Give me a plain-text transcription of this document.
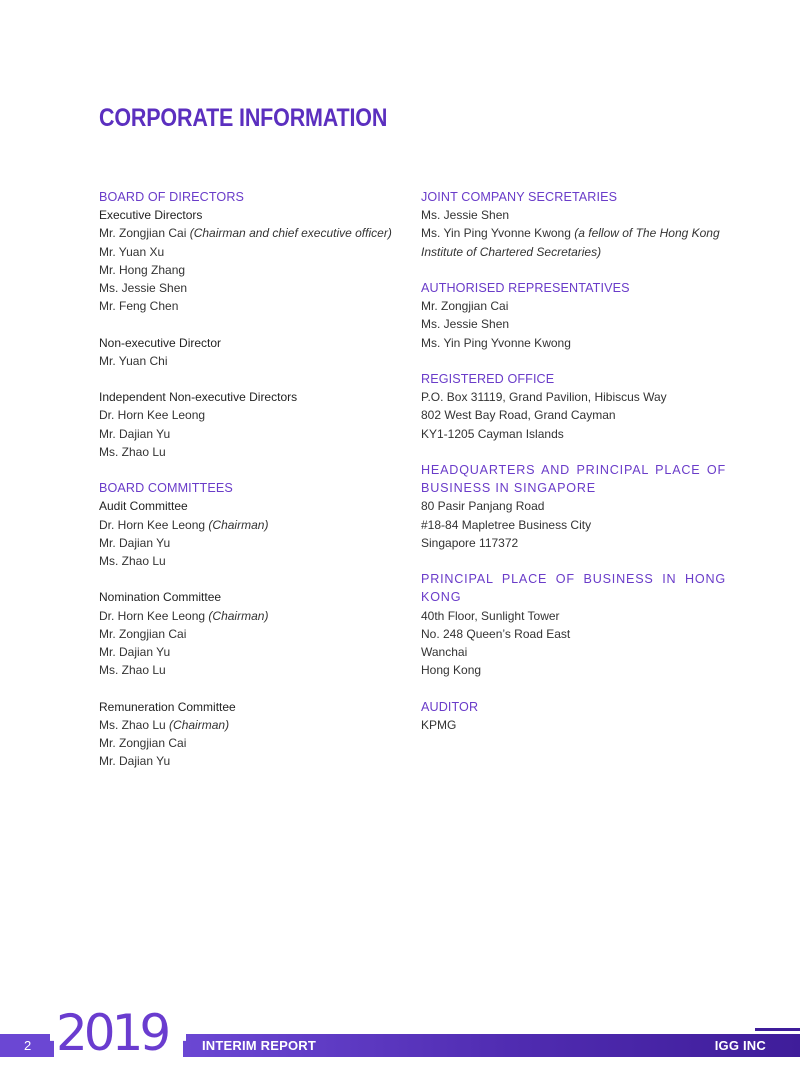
CORPORATE INFORMATION
BOARD OF DIRECTORS
Executive Directors
Mr. Zongjian Cai (Chairman and chief executive officer)
Mr. Yuan Xu
Mr. Hong Zhang
Ms. Jessie Shen
Mr. Feng Chen
Non-executive Director
Mr. Yuan Chi
Independent Non-executive Directors
Dr. Horn Kee Leong
Mr. Dajian Yu
Ms. Zhao Lu
BOARD COMMITTEES
Audit Committee
Dr. Horn Kee Leong (Chairman)
Mr. Dajian Yu
Ms. Zhao Lu
Nomination Committee
Dr. Horn Kee Leong (Chairman)
Mr. Zongjian Cai
Mr. Dajian Yu
Ms. Zhao Lu
Remuneration Committee
Ms. Zhao Lu (Chairman)
Mr. Zongjian Cai
Mr. Dajian Yu
JOINT COMPANY SECRETARIES
Ms. Jessie Shen
Ms. Yin Ping Yvonne Kwong (a fellow of The Hong Kong Institute of Chartered Secretaries)
AUTHORISED REPRESENTATIVES
Mr. Zongjian Cai
Ms. Jessie Shen
Ms. Yin Ping Yvonne Kwong
REGISTERED OFFICE
P.O. Box 31119, Grand Pavilion, Hibiscus Way
802 West Bay Road, Grand Cayman
KY1-1205 Cayman Islands
HEADQUARTERS AND PRINCIPAL PLACE OF BUSINESS IN SINGAPORE
80 Pasir Panjang Road
#18-84 Mapletree Business City
Singapore 117372
PRINCIPAL PLACE OF BUSINESS IN HONG KONG
40th Floor, Sunlight Tower
No. 248 Queen’s Road East
Wanchai
Hong Kong
AUDITOR
KPMG
2 2019	INTERIM REPORT	IGG INC
